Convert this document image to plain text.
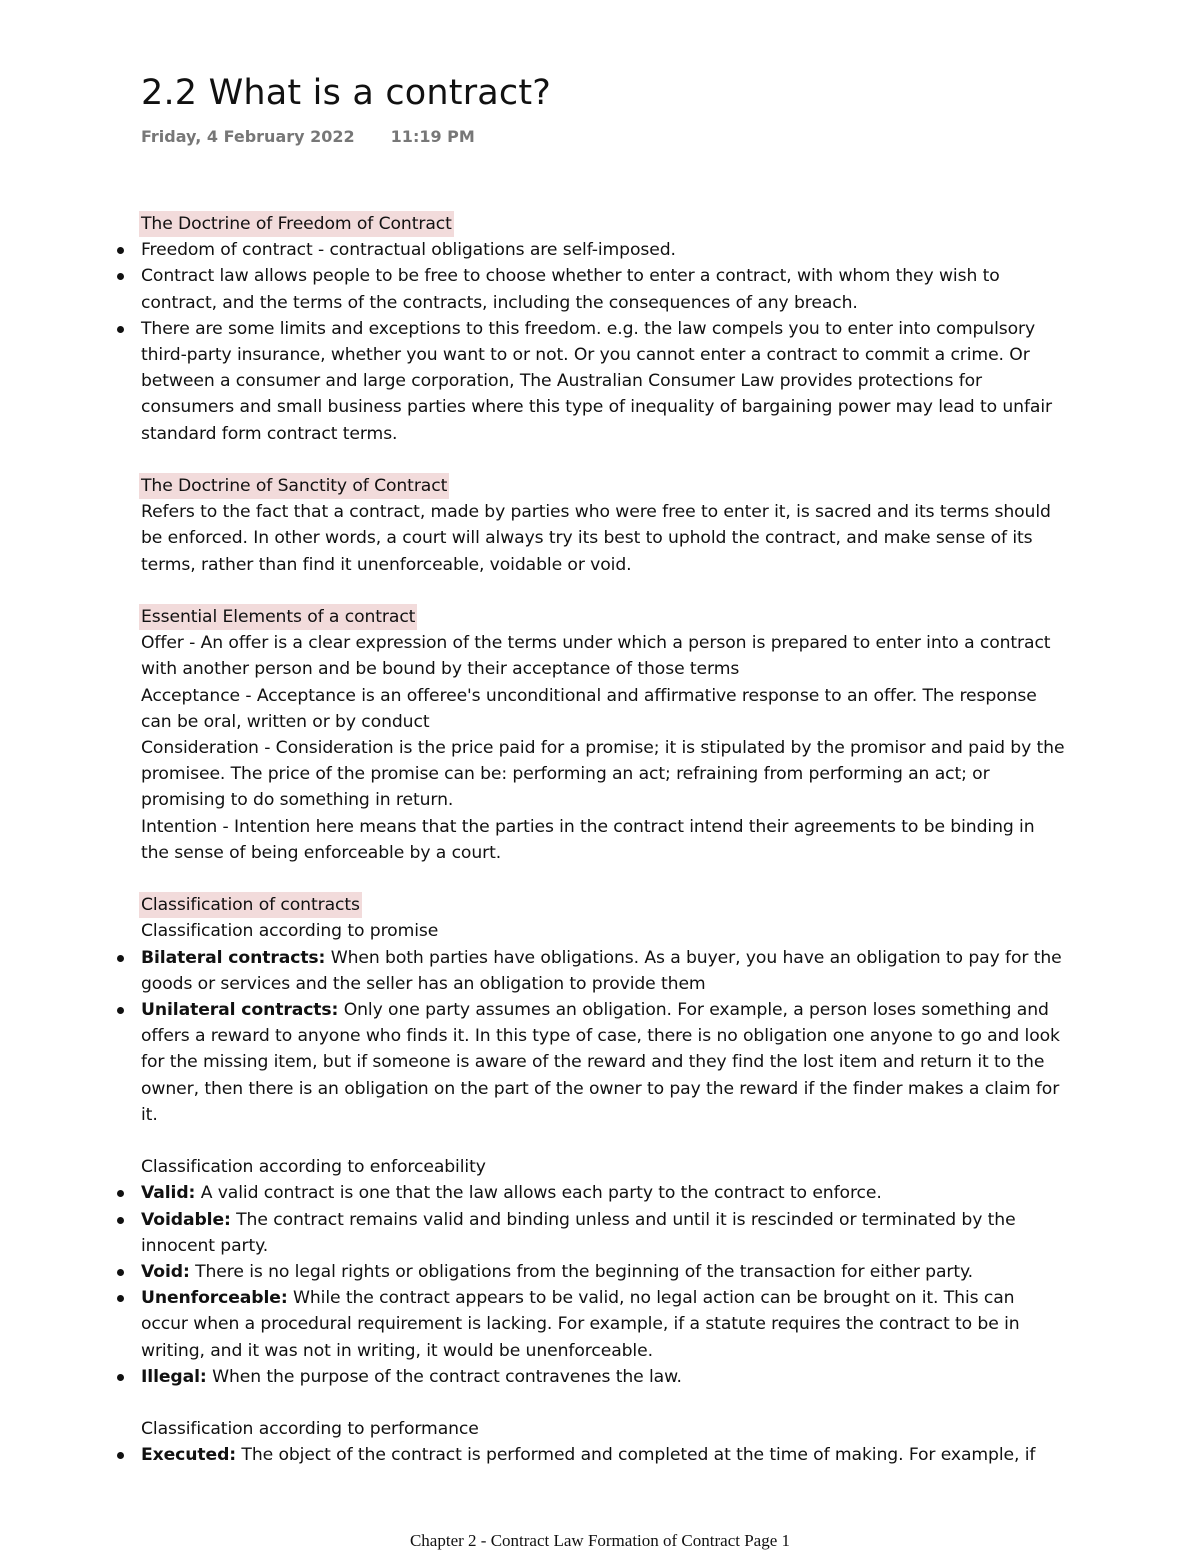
2.2 What is a contract?
Friday, 4 February 2022 11:19 PM
The Doctrine of Freedom of Contract
Freedom of contract - contractual obligations are self-imposed.
Contract law allows people to be free to choose whether to enter a contract, with whom they wish to contract, and the terms of the contracts, including the consequences of any breach.
There are some limits and exceptions to this freedom. e.g. the law compels you to enter into compulsory third-party insurance, whether you want to or not. Or you cannot enter a contract to commit a crime. Or between a consumer and large corporation, The Australian Consumer Law provides protections for consumers and small business parties where this type of inequality of bargaining power may lead to unfair standard form contract terms.
The Doctrine of Sanctity of Contract

Refers to the fact that a contract, made by parties who were free to enter it, is sacred and its terms should be enforced. In other words, a court will always try its best to uphold the contract, and make sense of its terms, rather than find it unenforceable, voidable or void.

Essential Elements of a contract

Offer - An offer is a clear expression of the terms under which a person is prepared to enter into a contract with another person and be bound by their acceptance of those terms

Acceptance - Acceptance is an offeree's unconditional and affirmative response to an offer. The response can be oral, written or by conduct

Consideration - Consideration is the price paid for a promise; it is stipulated by the promisor and paid by the promisee. The price of the promise can be: performing an act; refraining from performing an act; or promising to do something in return.

Intention - Intention here means that the parties in the contract intend their agreements to be binding in the sense of being enforceable by a court.

Classification of contracts

Classification according to promise

Bilateral contracts: When both parties have obligations. As a buyer, you have an obligation to pay for the goods or services and the seller has an obligation to provide them
Unilateral contracts: Only one party assumes an obligation. For example, a person loses something and offers a reward to anyone who finds it. In this type of case, there is no obligation one anyone to go and look for the missing item, but if someone is aware of the reward and they find the lost item and return it to the owner, then there is an obligation on the part of the owner to pay the reward if the finder makes a claim for it.

Classification according to enforceability

Valid: A valid contract is one that the law allows each party to the contract to enforce.
Voidable: The contract remains valid and binding unless and until it is rescinded or terminated by the innocent party.
Void: There is no legal rights or obligations from the beginning of the transaction for either party.
Unenforceable: While the contract appears to be valid, no legal action can be brought on it. This can occur when a procedural requirement is lacking. For example, if a statute requires the contract to be in writing, and it was not in writing, it would be unenforceable.
Illegal: When the purpose of the contract contravenes the law.

Classification according to performance

Executed: The object of the contract is performed and completed at the time of making. For example, if
Chapter 2 - Contract Law Formation of Contract Page 1
